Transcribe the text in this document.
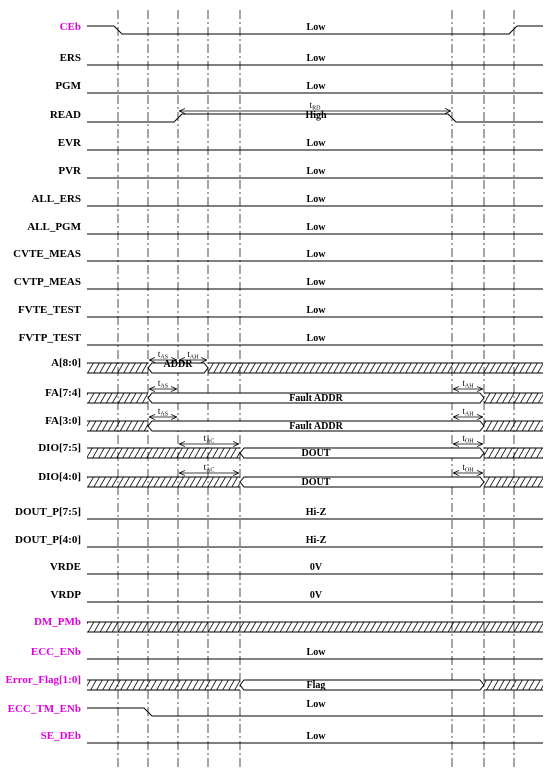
Low
Low
Low
High
Low
Low
Low
Low
Low
Low
Low
Low
ADDR
Fault ADDR
Fault ADDR
DOUT
DOUT
Hi-Z
Hi-Z
0V
0V
Low
Flag
Low
Low
CEb
ERS
PGM
READ
EVR
PVR
ALL_ERS
ALL_PGM
CVTE_MEAS
CVTP_MEAS
FVTE_TEST
FVTP_TEST
A[8:0]
FA[7:4]
FA[3:0]
DIO[7:5]
DIO[4:0]
DOUT_P[7:5]
DOUT_P[4:0]
VRDE
VRDP
DM_PMb
ECC_ENb
Error_Flag[1:0]
ECC_TM_ENb
SE_DEb
tRD
tAS tAH
tAS	tAH
tAS	tAH
tAC	tOH
tAC	tOH
